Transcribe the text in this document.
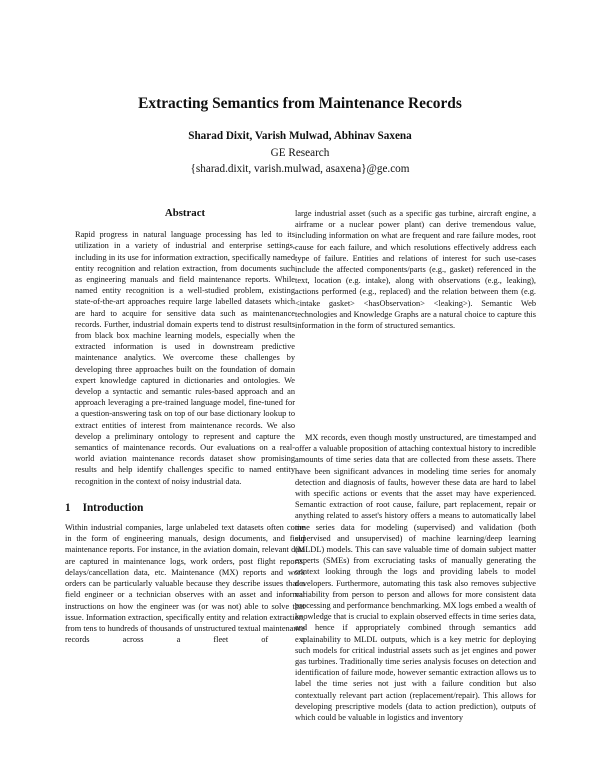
Extracting Semantics from Maintenance Records
Sharad Dixit, Varish Mulwad, Abhinav Saxena
GE Research
{sharad.dixit, varish.mulwad, asaxena}@ge.com
Abstract

Rapid progress in natural language processing has led to its utilization in a variety of industrial and enterprise settings, including in its use for information extraction, specifically named entity recognition and relation extraction, from documents such as engineering manuals and field maintenance reports. While named entity recognition is a well-studied problem, existing state-of-the-art approaches require large labelled datasets which are hard to acquire for sensitive data such as maintenance records. Further, industrial domain experts tend to distrust results from black box machine learning models, especially when the extracted information is used in downstream predictive maintenance analytics. We overcome these challenges by developing three approaches built on the foundation of domain expert knowledge captured in dictionaries and ontologies. We develop a syntactic and semantic rules-based approach and an approach leveraging a pre-trained language model, fine-tuned for a question-answering task on top of our base dictionary lookup to extract entities of interest from maintenance records. We also develop a preliminary ontology to represent and capture the semantics of maintenance records. Our evaluations on a real-world aviation maintenance records dataset show promising results and help identify challenges specific to named entity recognition in the context of noisy industrial data.

1 Introduction

Within industrial companies, large unlabeled text datasets often come in the form of engineering manuals, design documents, and field maintenance reports. For instance, in the aviation domain, relevant data are captured in maintenance logs, work orders, post flight reports, delays/cancellation data, etc. Maintenance (MX) reports and work orders can be particularly valuable because they describe issues that a field engineer or a technician observes with an asset and informal instructions on how the engineer was (or was not) able to solve that issue. Information extraction, specifically entity and relation extraction, from tens to hundreds of thousands of unstructured textual maintenance records across a fleet of a

large industrial asset (such as a specific gas turbine, aircraft engine, a airframe or a nuclear power plant) can derive tremendous value, including information on what are frequent and rare failure modes, root cause for each failure, and which resolutions effectively address each type of failure. Entities and relations of interest for such use-cases include the affected components/parts (e.g., gasket) referenced in the text, location (e.g. intake), along with observations (e.g., leaking), actions performed (e.g., replaced) and the relation between them (e.g. <intake gasket> <hasObservation> <leaking>). Semantic Web technologies and Knowledge Graphs are a natural choice to capture this information in the form of structured semantics.

MX records, even though mostly unstructured, are timestamped and offer a valuable proposition of attaching contextual history to incredible amounts of time series data that are collected from these assets. There have been significant advances in modeling time series for anomaly detection and diagnosis of faults, however these data are hard to label with specific actions or events that the asset may have experienced. Semantic extraction of root cause, failure, part replacement, repair or anything related to asset's history offers a means to automatically label time series data for modeling (supervised) and validation (both supervised and unsupervised) of machine learning/deep learning (MLDL) models. This can save valuable time of domain subject matter experts (SMEs) from excruciating tasks of manually generating the context looking through the logs and providing labels to model developers. Furthermore, automating this task also removes subjective variability from person to person and allows for more consistent data processing and performance benchmarking. MX logs embed a wealth of knowledge that is crucial to explain observed effects in time series data, and hence if appropriately combined through semantics add explainability to MLDL outputs, which is a key metric for deploying such models for critical industrial assets such as jet engines and power gas turbines. Traditionally time series analysis focuses on detection and identification of failure mode, however semantic extraction allows us to label the time series not just with a failure condition but also contextually relevant part action (replacement/repair). This allows for developing prescriptive models (data to action prediction), outputs of which could be valuable in logistics and inventory
